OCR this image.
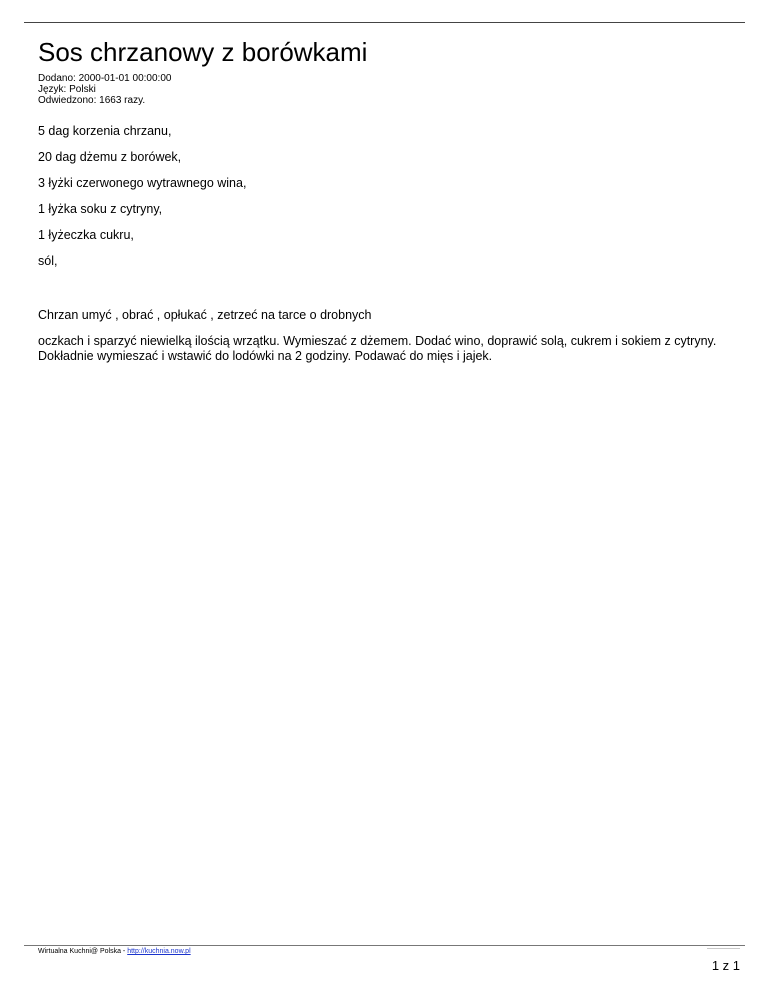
Sos chrzanowy z borówkami
Dodano: 2000-01-01 00:00:00
Język: Polski
Odwiedzono: 1663 razy.
5 dag korzenia chrzanu,
20 dag dżemu z borówek,
3 łyżki czerwonego wytrawnego wina,
1 łyżka soku z cytryny,
1 łyżeczka cukru,
sól,
Chrzan umyć , obrać , opłukać , zetrzeć na tarce o drobnych
oczkach i sparzyć niewielką ilością wrzątku. Wymieszać z dżemem. Dodać wino, doprawić solą, cukrem i sokiem z cytryny. Dokładnie wymieszać i wstawić do lodówki na 2 godziny. Podawać do mięs i jajek.
Wirtualna Kuchni@ Polska - http://kuchnia.now.pl
1 z 1
